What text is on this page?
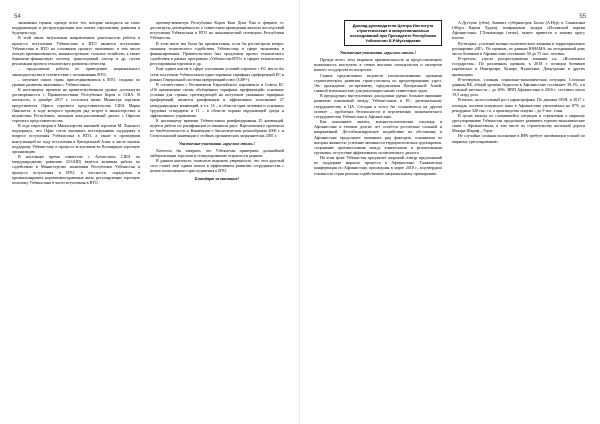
54

экономики страны, прежде всего тех, которые находятся на этапе модернизации и реструктуризации или имеют перспективу развития в будущем году.

В этой связи, актуальным направлением деятельности работы в процессе вступления Узбекистана в ВТО является вступление Узбекистана в ВТО на основании процесс экономики, в том числе легкую промышленность, машиностроение, сельское хозяйство, а также банковско-финансовую систему, транспортный сектор и др. путем реализации проекта технического развития отечества.

– продолжение работы по приведению национального законодательства в соответствие с положениями ВТО;

– изучение опыта стран, присоединившихся к ВТО, сходных по уровню развития экономики с Узбекистаном.

К настоящему времени на правительственном уровне достигнуты договорённости с Правительствами Республики Корея и США. В частности, в декабре 2017 г. состоялся визит Министра торговли представителя Офиса торгового представительства США Марка Линскотта, в ходе которого проведён ряд встреч в министерствах и ведомствах Республики, насыщен консультативный диалог с Офисом торгового представительства.

В ходе переговоров в Министерстве внешней торговли М. Линскотт подчеркнул, что Офис готов оказывать всестороннюю поддержку в вопросе вступления Узбекистана в ВТО, а также в проведении консультаций по ходу вступления в Центральной Азии, в числе оказать поддержку Узбекистану в процессе вступления во Всемирную торговую организацию.

В настоящее время совместно с Агентством США по международному развитию (USAID) ведётся активная работа по содействию в Министерство экономики Республики Узбекистан в процессе вступления в ВТО, в частности, определить и проанализировать нормативно-правовые акты, регулирующие торговую политику Узбекистана в части вступления в ВТО.

премьер-министра Республики Корея Ким Донг Ёна в феврале тг, достигнуты договорённости о совместном проведении анализа последствий вступления Узбекистана в ВТО на экономический потенциал Республики Узбекистан.

В этом июле мы были бы признательны, если бы рассмотрели вопрос оказания технического содействия Узбекистану в сфере экономики и финансирования. Правительством был предложен проект технического содействия в рамках программы «Узбекистан-ВТО» в сферах технического регулирования торговли и др.

Еще одним шагом в сфере улучшения условий торговли с ЕС могло бы стать получение Узбекистаном односторонних тарифных преференций ЕС в рамках Генеральной системы преференций плюс (GSP+).

В соответствии с Регламентом Европейского парламента и Совета ЕС «Об применении схемы обобщённых тарифных преференций» основные условия для страны, претендующей на получение указанных тарифных преференций, является ратификация и эффективное исполнение 27 международных конвенций, в т.ч. 16 – в области прав человека и основных трудовых стандартов и 11 – в области охраны окружающей среды и эффективного управления.

К настоящему времени Узбекистаном ратифицированы 25 конвенций, ведётся работа по ратификации оставшихся двух: Картахенского протокола по биобезопасности к Конвенции о биологическом разнообразии 2000 г. и Стокгольмской конвенции о стойких органических загрязнителях 2001 г.

Уважаемые участники «круглого стола»!

Хотелось бы заверить, что Узбекистан привержен дальнейшей либерализации торговли и стимулированию открытости рынков.

В данном контексте, позвольте выразить уверенность, что этот круглый стол станет ещё одним шагом в эффективном развитии сотрудничества с целью полноценного присоединения к ВТО.

Благодарю за внимание!

55
Доклад руководителя Центра Института стратегических и межрегиональных исследований при Президенте Республики Узбекистан Б.Р.Мустафаева

Уважаемые участники «круглого стола»!

Прежде всего, хочу выразить признательность за предоставленную возможность выступить в стенах высоких специалистов и экспертов нашего государства по вопросам.

Страна предлагаемых ведомств уполномоченными органами стратегического развития стран-участниц по предотвращению угроз. Это пропадение, по-прежнему, предлагаемая Центральной Азией, главной возможностью для реализации наших совместных задач.

В предыдущих выступлениях докладчики удачно большое внимание развитию отношений между Узбекистаном и ЕС, региональному сотрудничеству в ЦА. Сегодня я хотел бы остановиться на другом аспекте – проблемах безопасности и перспективах экономического сотрудничества Узбекистана и Афганистана.

Как показывает анализ, военно-политическая ситуация в Афганистане в течение долгих лет остаётся достаточно сложной и напряжённой. Дестабилизирующее воздействие на обстановку в Афганистане продолжает оказывать ряд факторов, основными из которых являются: усиление активности террористических группировок, сохранение противостояния между этническими и религиозными группами, отсутствие эффективного политического диалога.

На этом фоне Узбекистан предлагает широкий спектр предложений по поддержке мирного процесса в Афганистане. Ташкентская конференция по Афганистану, прошедшая в марте 2018 г., подтвердила готовность стран региона содействовать национальному примирению.

А.Дустума (убек), бывших губернаторов Балха (А.Нур) и Саманганы (Абдул Карим Худам), возвращение лидера «Исламской партии Афганистана» Г.Хекматияра (пешт), может привести к новому кругу власти.

Во-вторых, усиление военно-политического влияния и территориальное расширение «ИГ». По оценкам, по данным ЮНАМА, на сегодняшний день число боевиков в Афганистане составляет 50 до 75 тыс. человек.

В-третьих, угроза распространения влияния т.н. «Исламского государства». По различным оценкам, к 2018 г. позиции боевиков укрепились в Нангархаре, Кунаре, Нуристане, Джаузджане и других провинциях.

В-четвертых, сложная социально-экономическая ситуация. Согласно данным ВБ, общий уровень бедности в Афганистане составляет 39,1%, а в сельской местности – до 46%. ВВП Афганистана в 2016 г. составил около 19,5 млрд долл.

В-пятых, колоссальный рост наркотрафика. По данным ООН, в 2017 г. площадь посевов опиумного мака в Афганистане увеличилась на 87% до рекордных 328 тыс. га, а производство опиума – до 9 тыс. тонн.

В целях выхода из сложившейся ситуации и стремления к мирному урегулированию Узбекистан продолжает развивать торгово-экономические связи с Афганистаном, в том числе по строительству железной дороги Мазари-Шариф – Герат.

Не случайно сложная положение в ИРА требует активизации усилий по мирному урегулированию.
